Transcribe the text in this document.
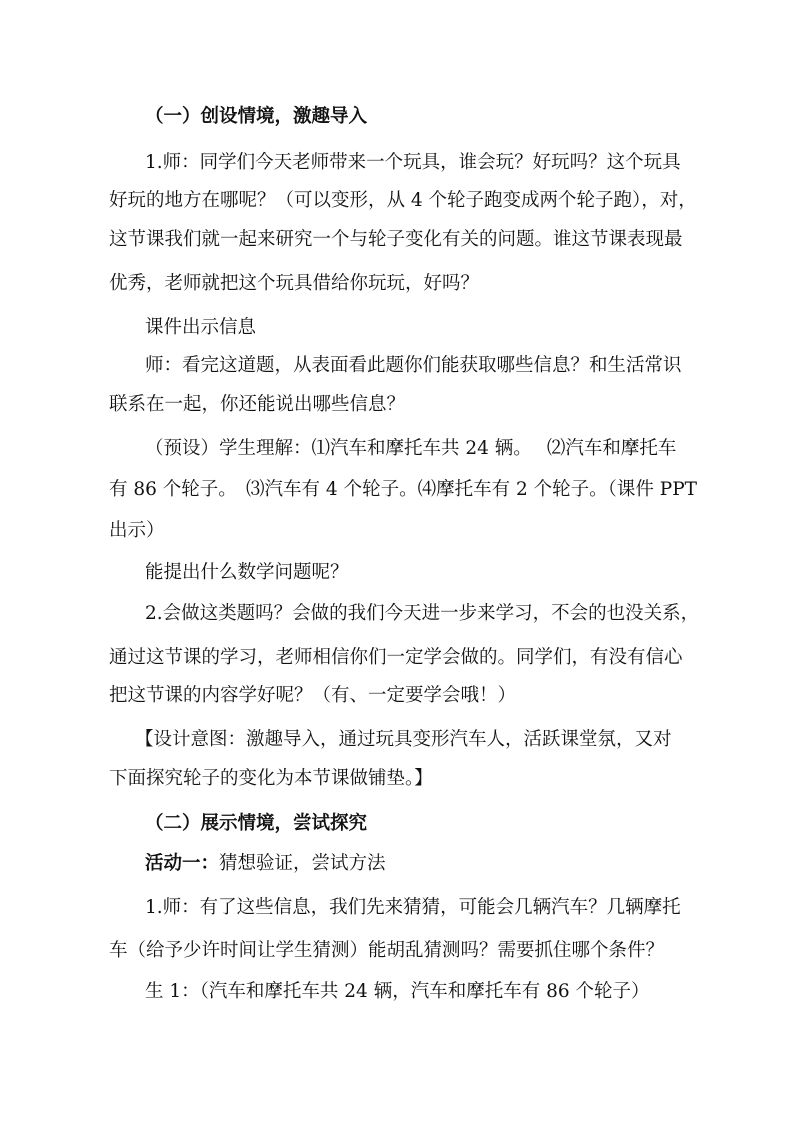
（一）创设情境，激趣导入
1.师：同学们今天老师带来一个玩具，谁会玩？好玩吗？这个玩具
好玩的地方在哪呢？（可以变形，从 4 个轮子跑变成两个轮子跑），对，
这节课我们就一起来研究一个与轮子变化有关的问题。谁这节课表现最
优秀，老师就把这个玩具借给你玩玩，好吗？
课件出示信息
师：看完这道题，从表面看此题你们能获取哪些信息？和生活常识
联系在一起，你还能说出哪些信息？
（预设）学生理解：⑴汽车和摩托车共 24 辆。　 ⑵汽车和摩托车
有 86 个轮子。　⑶汽车有 4 个轮子。⑷摩托车有 2 个轮子。（课件 PPT
出示）
能提出什么数学问题呢？
2.会做这类题吗？会做的我们今天进一步来学习，不会的也没关系，
通过这节课的学习，老师相信你们一定学会做的。同学们，有没有信心
把这节课的内容学好呢？（有、一定要学会哦！）
【设计意图：激趣导入，通过玩具变形汽车人，活跃课堂氛，又对
下面探究轮子的变化为本节课做铺垫。】
（二）展示情境，尝试探究
活动一：猜想验证，尝试方法
1.师：有了这些信息，我们先来猜猜，可能会几辆汽车？几辆摩托
车（给予少许时间让学生猜测）能胡乱猜测吗？需要抓住哪个条件？
生 1：（汽车和摩托车共 24 辆，汽车和摩托车有 86 个轮子）
